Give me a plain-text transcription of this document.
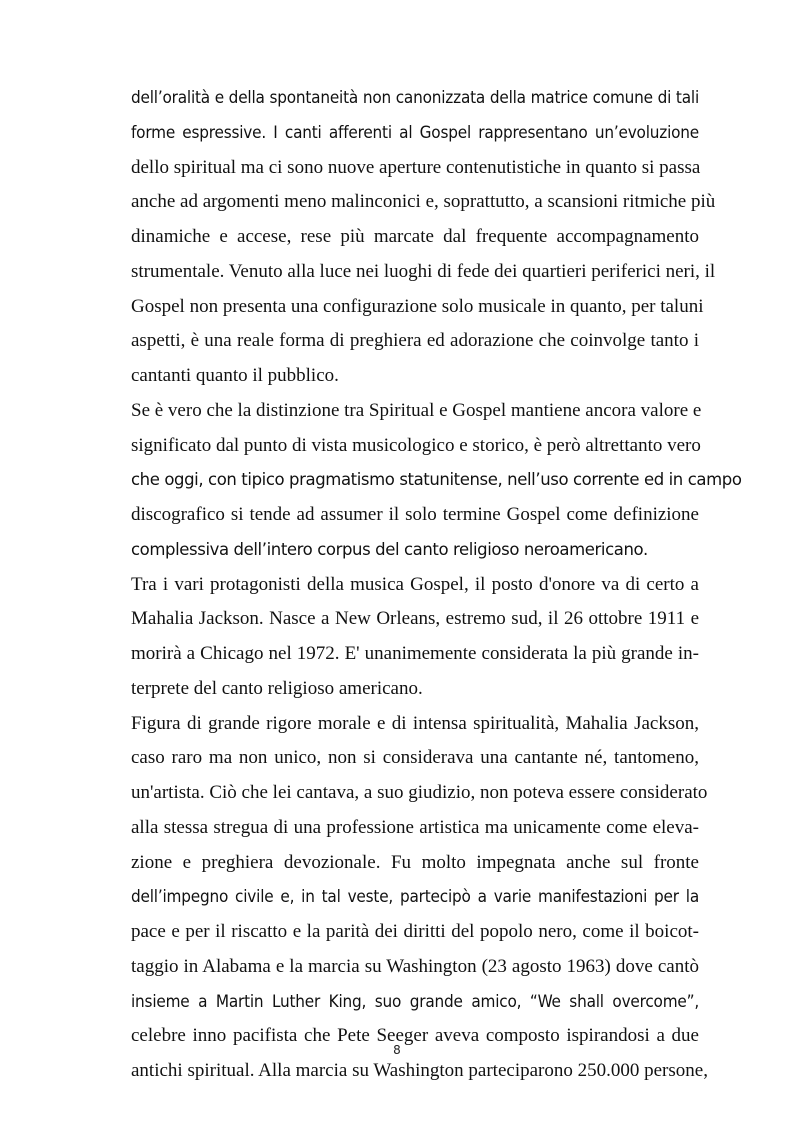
dell’oralità e della spontaneità non canonizzata della matrice comune di tali
forme espressive. I canti afferenti al Gospel rappresentano un’evoluzione
dello spiritual ma ci sono nuove aperture contenutistiche in quanto si passa
anche ad argomenti meno malinconici e, soprattutto, a scansioni ritmiche più
dinamiche e accese, rese più marcate dal frequente accompagnamento
strumentale. Venuto alla luce nei luoghi di fede dei quartieri periferici neri, il
Gospel non presenta una configurazione solo musicale in quanto, per taluni
aspetti, è una reale forma di preghiera ed adorazione che coinvolge tanto i
cantanti quanto il pubblico.
Se è vero che la distinzione tra Spiritual e Gospel mantiene ancora valore e
significato dal punto di vista musicologico e storico, è però altrettanto vero
che oggi, con tipico pragmatismo statunitense, nell’uso corrente ed in campo
discografico si tende ad assumer il solo termine Gospel come definizione
complessiva dell’intero corpus del canto religioso neroamericano.
Tra i vari protagonisti della musica Gospel, il posto d'onore va di certo a
Mahalia Jackson. Nasce a New Orleans, estremo sud, il 26 ottobre 1911 e
morirà a Chicago nel 1972. E' unanimemente considerata la più grande in-
terprete del canto religioso americano.
Figura di grande rigore morale e di intensa spiritualità, Mahalia Jackson,
caso raro ma non unico, non si considerava una cantante né, tantomeno,
un'artista. Ciò che lei cantava, a suo giudizio, non poteva essere considerato
alla stessa stregua di una professione artistica ma unicamente come eleva-
zione e preghiera devozionale. Fu molto impegnata anche sul fronte
dell’impegno civile e, in tal veste, partecipò a varie manifestazioni per la
pace e per il riscatto e la parità dei diritti del popolo nero, come il boicot-
taggio in Alabama e la marcia su Washington (23 agosto 1963) dove cantò
insieme a Martin Luther King, suo grande amico, “We shall overcome”,
celebre inno pacifista che Pete Seeger aveva composto ispirandosi a due
antichi spiritual. Alla marcia su Washington parteciparono 250.000 persone,
8
